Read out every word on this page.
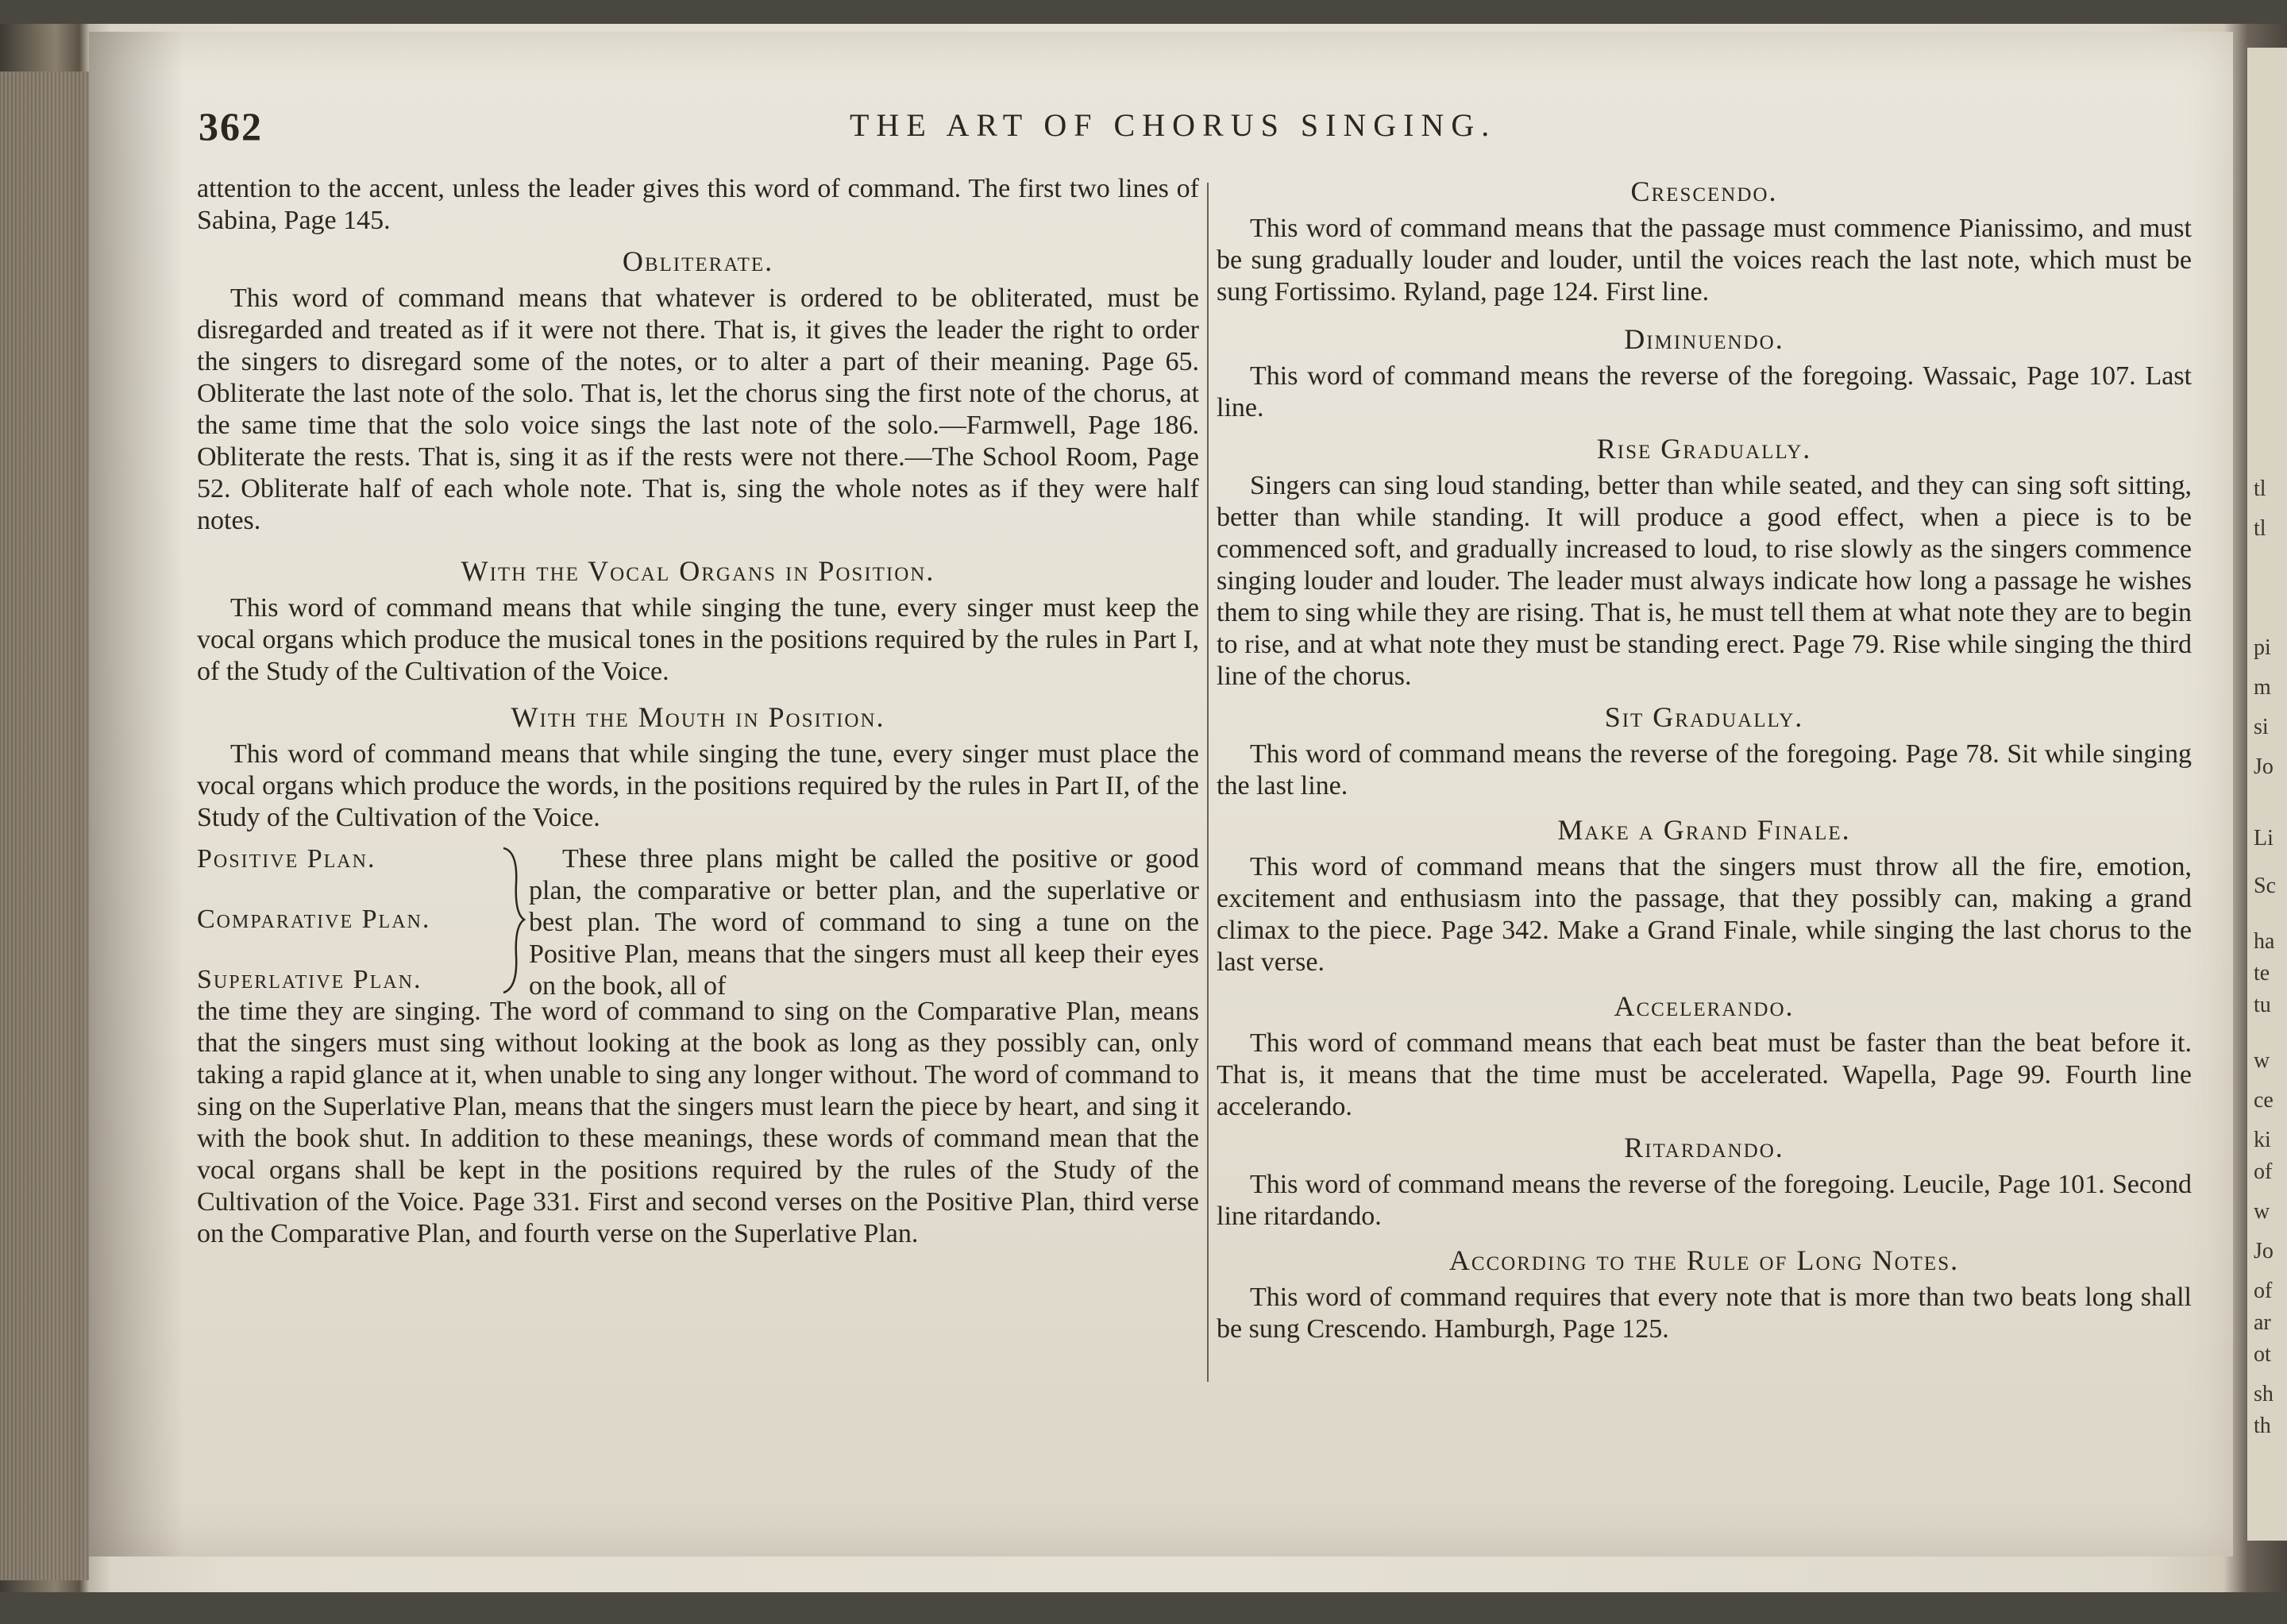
362	THE ART OF CHORUS SINGING.

attention to the accent, unless the leader gives this word of command. The first two lines of Sabina, Page 145.

Obliterate.

This word of command means that whatever is ordered to be obliterated, must be disregarded and treated as if it were not there. That is, it gives the leader the right to order the singers to disregard some of the notes, or to alter a part of their meaning. Page 65. Obliterate the last note of the solo. That is, let the chorus sing the first note of the chorus, at the same time that the solo voice sings the last note of the solo.—Farmwell, Page 186. Obliterate the rests. That is, sing it as if the rests were not there.—The School Room, Page 52. Obliterate half of each whole note. That is, sing the whole notes as if they were half notes.

With the Vocal Organs in Position.

This word of command means that while singing the tune, every singer must keep the vocal organs which produce the musical tones in the positions required by the rules in Part I, of the Study of the Cultivation of the Voice.

With the Mouth in Position.

This word of command means that while singing the tune, every singer must place the vocal organs which produce the words, in the positions required by the rules in Part II, of the Study of the Cultivation of the Voice.

Positive Plan.
Comparative Plan.
Superlative Plan.

These three plans might be called the positive or good plan, the comparative or better plan, and the superlative or best plan. The word of command to sing a tune on the Positive Plan, means that the singers must all keep their eyes on the book, all of

the time they are singing. The word of command to sing on the Comparative Plan, means that the singers must sing without looking at the book as long as they possibly can, only taking a rapid glance at it, when unable to sing any longer without. The word of command to sing on the Superlative Plan, means that the singers must learn the piece by heart, and sing it with the book shut. In addition to these meanings, these words of command mean that the vocal organs shall be kept in the positions required by the rules of the Study of the Cultivation of the Voice. Page 331. First and second verses on the Positive Plan, third verse on the Comparative Plan, and fourth verse on the Superlative Plan.

Crescendo.

This word of command means that the passage must commence Pianissimo, and must be sung gradually louder and louder, until the voices reach the last note, which must be sung Fortissimo. Ryland, page 124. First line.

Diminuendo.

This word of command means the reverse of the foregoing. Wassaic, Page 107. Last line.

Rise Gradually.

Singers can sing loud standing, better than while seated, and they can sing soft sitting, better than while standing. It will produce a good effect, when a piece is to be commenced soft, and gradually increased to loud, to rise slowly as the singers commence singing louder and louder. The leader must always indicate how long a passage he wishes them to sing while they are rising. That is, he must tell them at what note they are to begin to rise, and at what note they must be standing erect. Page 79. Rise while singing the third line of the chorus.

Sit Gradually.

This word of command means the reverse of the foregoing. Page 78. Sit while singing the last line.

Make a Grand Finale.

This word of command means that the singers must throw all the fire, emotion, excitement and enthusiasm into the passage, that they possibly can, making a grand climax to the piece. Page 342. Make a Grand Finale, while singing the last chorus to the last verse.

Accelerando.

This word of command means that each beat must be faster than the beat before it. That is, it means that the time must be accelerated. Wapella, Page 99. Fourth line accelerando.

Ritardando.

This word of command means the reverse of the foregoing. Leucile, Page 101. Second line ritardando.

According to the Rule of Long Notes.

This word of command requires that every note that is more than two beats long shall be sung Crescendo. Hamburgh, Page 125.

tl
tl
pi
m
si
Jo
Li
Sc
ha
te
tu
w
ce
ki
of
w
Jo
of
ar
ot
sh
th
